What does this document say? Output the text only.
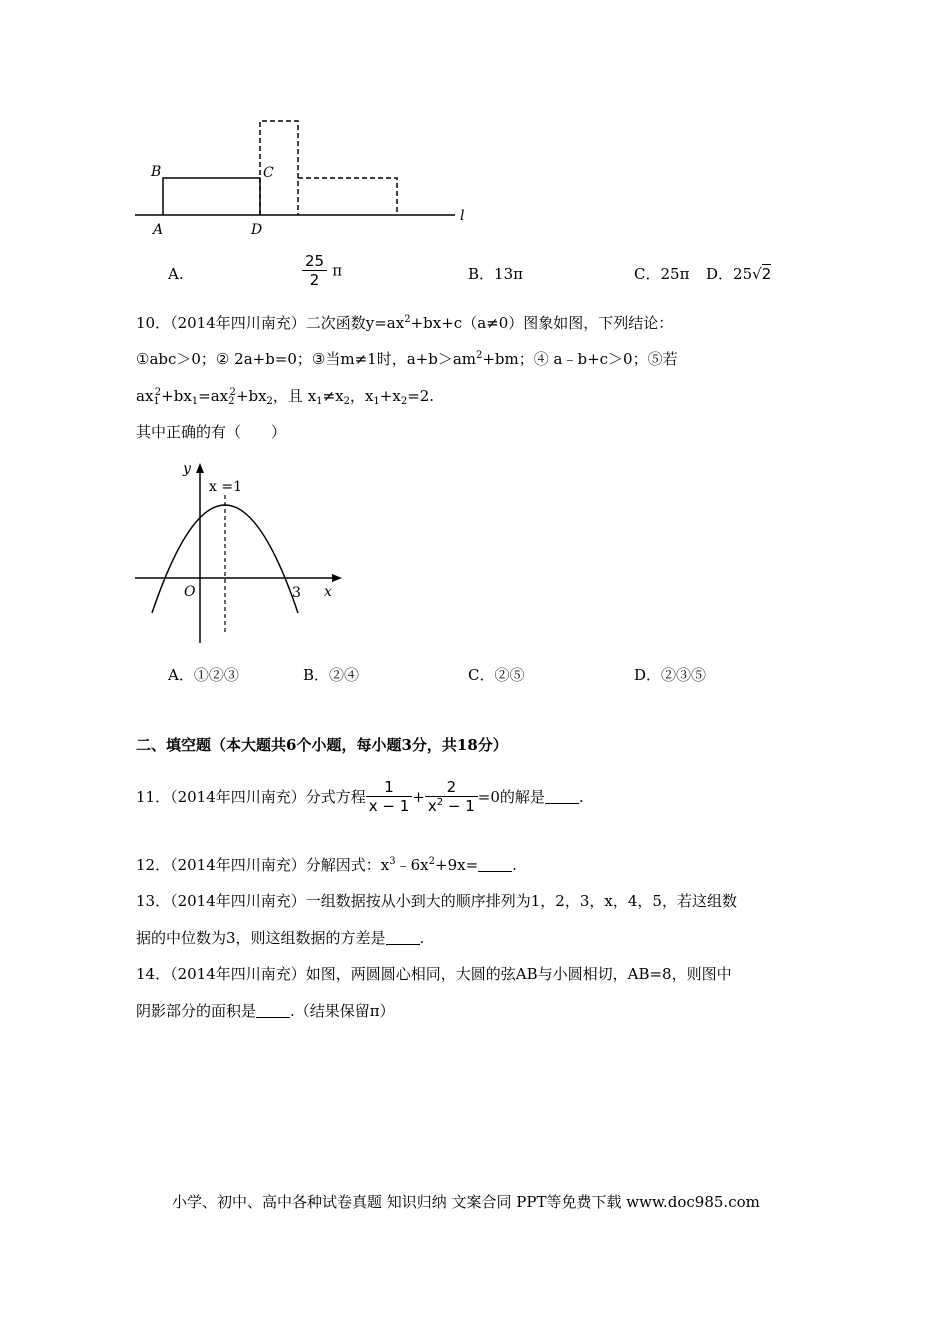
B
A
C
D
l
A.	$\frac{25}{2}$ π	B．13π	C．25π D．25√2
10．（2014年四川南充）二次函数$y=ax^2+bx+c(a\ne 0)$图象如图，下列结论：
①abc＞0；② 2a+b=0；③当m≠1时，$a+b>am^2+bm$；④ a﹣b+c＞0；⑤若
$ax_1^2+bx_1=ax_2^2+bx_2$，且 $x_1\ne x_2$，$x_1+x_2=2$.
其中正确的有（　　）
y
x
O
x =1
3
A．①②③	B．②④	C．②⑤	D．②③⑤
二、填空题（本大题共6个小题，每小题3分，共18分）
11．（2014年四川南充）分式方程 $\frac{1}{x - 1} + \frac{2}{x^2 - 1} =0$的解是 .
12．（2014年四川南充）分解因式：$x^3﹣6x^2+9x=$ .
13．（2014年四川南充）一组数据按从小到大的顺序排列为1，2，3，x，4，5，若这组数
据的中位数为3，则这组数据的方差是 .
14．（2014年四川南充）如图，两圆圆心相同，大圆的弦AB与小圆相切，AB=8，则图中
阴影部分的面积是 .（结果保留π）
小学、初中、高中各种试卷真题 知识归纳 文案合同 PPT等免费下载 www.doc985.com
